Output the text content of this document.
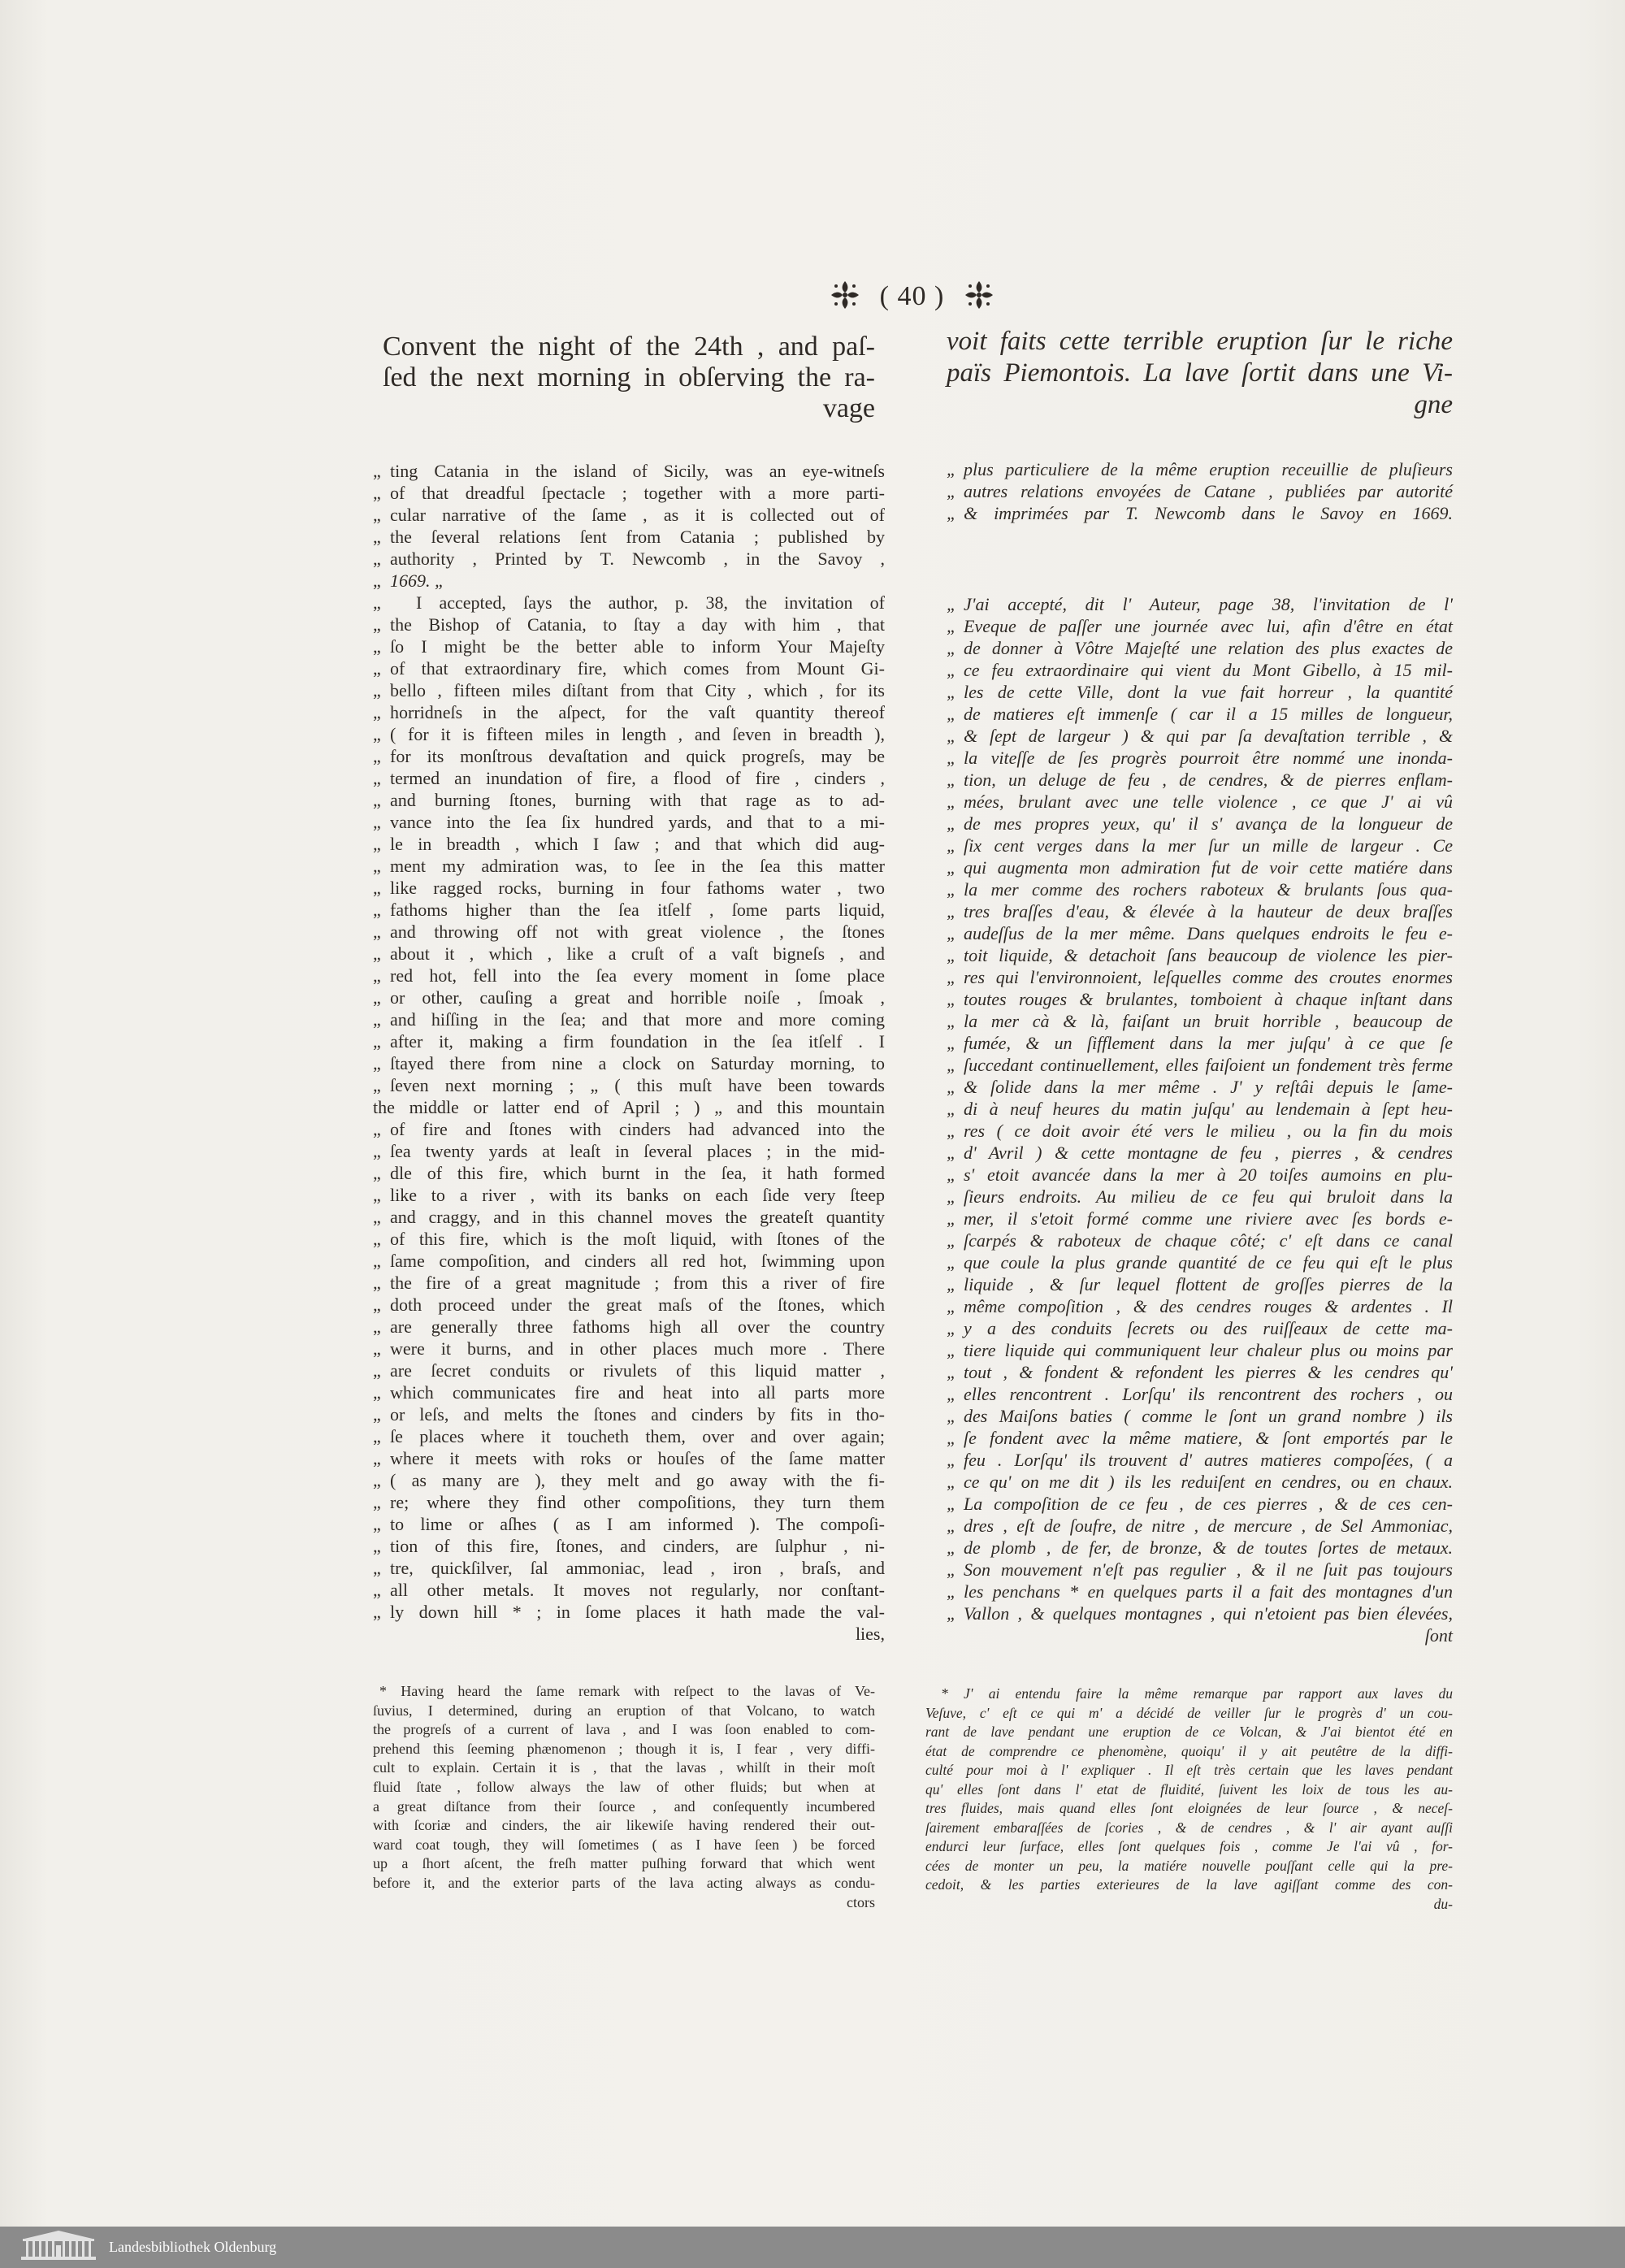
( 40 )
Convent the night of the 24th , and paſ-
ſed the next morning in obſerving the ra-
vage
voit faits cette terrible eruption ſur le riche
païs Piemontois. La lave ſortit dans une Vi-
gne
„ ting Catania in the island of Sicily, was an eye-witneſs
„ of that dreadful ſpectacle ; together with a more parti-
„ cular narrative of the ſame , as it is collected out of
„ the ſeveral relations ſent from Catania ; published by
„ authority , Printed by T. Newcomb , in the Savoy ,
„ 1669. „
„	I accepted, ſays the author, p. 38, the invitation of
„ the Bishop of Catania, to ſtay a day with him , that
„ ſo I might be the better able to inform Your Majeſty
„ of that extraordinary fire, which comes from Mount Gi-
„ bello , fifteen miles diſtant from that City , which , for its
„ horridneſs in the aſpect, for the vaſt quantity thereof
„ ( for it is fifteen miles in length , and ſeven in breadth ),
„ for its monſtrous devaſtation and quick progreſs, may be
„ termed an inundation of fire, a flood of fire , cinders ,
„ and burning ſtones, burning with that rage as to ad-
„ vance into the ſea ſix hundred yards, and that to a mi-
„ le in breadth , which I ſaw ; and that which did aug-
„ ment my admiration was, to ſee in the ſea this matter
„ like ragged rocks, burning in four fathoms water , two
„ fathoms higher than the ſea itſelf , ſome parts liquid,
„ and throwing off not with great violence , the ſtones
„ about it , which , like a cruſt of a vaſt bigneſs , and
„ red hot, fell into the ſea every moment in ſome place
„ or other, cauſing a great and horrible noiſe , ſmoak ,
„ and hiſſing in the ſea; and that more and more coming
„ after it, making a firm foundation in the ſea itſelf . I
„ ſtayed there from nine a clock on Saturday morning, to
„ ſeven next morning ; „ ( this muſt have been towards
the middle or latter end of April ; ) „ and this mountain
„ of fire and ſtones with cinders had advanced into the
„ ſea twenty yards at leaſt in ſeveral places ; in the mid-
„ dle of this fire, which burnt in the ſea, it hath formed
„ like to a river , with its banks on each ſide very ſteep
„ and craggy, and in this channel moves the greateſt quantity
„ of this fire, which is the moſt liquid, with ſtones of the
„ ſame compoſition, and cinders all red hot, ſwimming upon
„ the fire of a great magnitude ; from this a river of fire
„ doth proceed under the great maſs of the ſtones, which
„ are generally three fathoms high all over the country
„ were it burns, and in other places much more . There
„ are ſecret conduits or rivulets of this liquid matter ,
„ which communicates fire and heat into all parts more
„ or leſs, and melts the ſtones and cinders by fits in tho-
„ ſe places where it toucheth them, over and over again;
„ where it meets with roks or houſes of the ſame matter
„ ( as many are ), they melt and go away with the fi-
„ re; where they find other compoſitions, they turn them
„ to lime or aſhes ( as I am informed ). The compoſi-
„ tion of this fire, ſtones, and cinders, are ſulphur , ni-
„ tre, quickſilver, ſal ammoniac, lead , iron , braſs, and
„ all other metals. It moves not regularly, nor conſtant-
„ ly down hill * ; in ſome places it hath made the val-
lies,
„ plus particuliere de la même eruption receuillie de pluſieurs
„ autres relations envoyées de Catane , publiées par autorité
„ & imprimées par T. Newcomb dans le Savoy en 1669.
„ J'ai accepté, dit l' Auteur, page 38, l'invitation de l'
„ Eveque de paſſer une journée avec lui, afin d'être en état
„ de donner à Vôtre Majeſté une relation des plus exactes de
„ ce feu extraordinaire qui vient du Mont Gibello, à 15 mil-
„ les de cette Ville, dont la vue fait horreur , la quantité
„ de matieres eſt immenſe ( car il a 15 milles de longueur,
„ & ſept de largeur ) & qui par ſa devaſtation terrible , &
„ la viteſſe de ſes progrès pourroit être nommé une inonda-
„ tion, un deluge de feu , de cendres, & de pierres enflam-
„ mées, brulant avec une telle violence , ce que J' ai vû
„ de mes propres yeux, qu' il s' avança de la longueur de
„ ſix cent verges dans la mer ſur un mille de largeur . Ce
„ qui augmenta mon admiration fut de voir cette matiére dans
„ la mer comme des rochers raboteux & brulants ſous qua-
„ tres braſſes d'eau, & élevée à la hauteur de deux braſſes
„ audeſſus de la mer même. Dans quelques endroits le feu e-
„ toit liquide, & detachoit ſans beaucoup de violence les pier-
„ res qui l'environnoient, leſquelles comme des croutes enormes
„ toutes rouges & brulantes, tomboient à chaque inſtant dans
„ la mer cà & là, faiſant un bruit horrible , beaucoup de
„ fumée, & un ſifflement dans la mer juſqu' à ce que ſe
„ ſuccedant continuellement, elles faiſoient un fondement très ferme
„ & ſolide dans la mer même . J' y reſtâi depuis le ſame-
„ di à neuf heures du matin juſqu' au lendemain à ſept heu-
„ res ( ce doit avoir été vers le milieu , ou la fin du mois
„ d' Avril ) & cette montagne de feu , pierres , & cendres
„ s' etoit avancée dans la mer à 20 toiſes aumoins en plu-
„ ſieurs endroits. Au milieu de ce feu qui bruloit dans la
„ mer, il s'etoit formé comme une riviere avec ſes bords e-
„ ſcarpés & raboteux de chaque côté; c' eſt dans ce canal
„ que coule la plus grande quantité de ce feu qui eſt le plus
„ liquide , & ſur lequel flottent de groſſes pierres de la
„ même compoſition , & des cendres rouges & ardentes . Il
„ y a des conduits ſecrets ou des ruiſſeaux de cette ma-
„ tiere liquide qui communiquent leur chaleur plus ou moins par
„ tout , & fondent & refondent les pierres & les cendres qu'
„ elles rencontrent . Lorſqu' ils rencontrent des rochers , ou
„ des Maiſons baties ( comme le ſont un grand nombre ) ils
„ ſe fondent avec la même matiere, & ſont emportés par le
„ feu . Lorſqu' ils trouvent d' autres matieres compoſées, ( a
„ ce qu' on me dit ) ils les reduiſent en cendres, ou en chaux.
„ La compoſition de ce feu , de ces pierres , & de ces cen-
„ dres , eſt de ſoufre, de nitre , de mercure , de Sel Ammoniac,
„ de plomb , de fer, de bronze, & de toutes ſortes de metaux.
„ Son mouvement n'eſt pas regulier , & il ne ſuit pas toujours
„ les penchans * en quelques parts il a fait des montagnes d'un
„ Vallon , & quelques montagnes , qui n'etoient pas bien élevées,
ſont
* Having heard the ſame remark with reſpect to the lavas of Ve-
ſuvius, I determined, during an eruption of that Volcano, to watch
the progreſs of a current of lava , and I was ſoon enabled to com-
prehend this ſeeming phænomenon ; though it is, I fear , very diffi-
cult to explain. Certain it is , that the lavas , whilſt in their moſt
fluid ſtate , follow always the law of other fluids; but when at
a great diſtance from their ſource , and conſequently incumbered
with ſcoriæ and cinders, the air likewiſe having rendered their out-
ward coat tough, they will ſometimes ( as I have ſeen ) be forced
up a ſhort aſcent, the freſh matter puſhing forward that which went
before it, and the exterior parts of the lava acting always as condu-
ctors
* J' ai entendu faire la même remarque par rapport aux laves du
Veſuve, c' eſt ce qui m' a décidé de veiller ſur le progrès d' un cou-
rant de lave pendant une eruption de ce Volcan, & J'ai bientot été en
état de comprendre ce phenomène, quoiqu' il y ait peutêtre de la diffi-
culté pour moi à l' expliquer . Il eſt très certain que les laves pendant
qu' elles ſont dans l' etat de fluidité, ſuivent les loix de tous les au-
tres fluides, mais quand elles ſont eloignées de leur ſource , & neceſ-
ſairement embaraſſées de ſcories , & de cendres , & l' air ayant auſſi
endurci leur ſurface, elles ſont quelques fois , comme Je l'ai vû , for-
cées de monter un peu, la matiére nouvelle pouſſant celle qui la pre-
cedoit, & les parties exterieures de la lave agiſſant comme des con-
du-
Landesbibliothek Oldenburg
